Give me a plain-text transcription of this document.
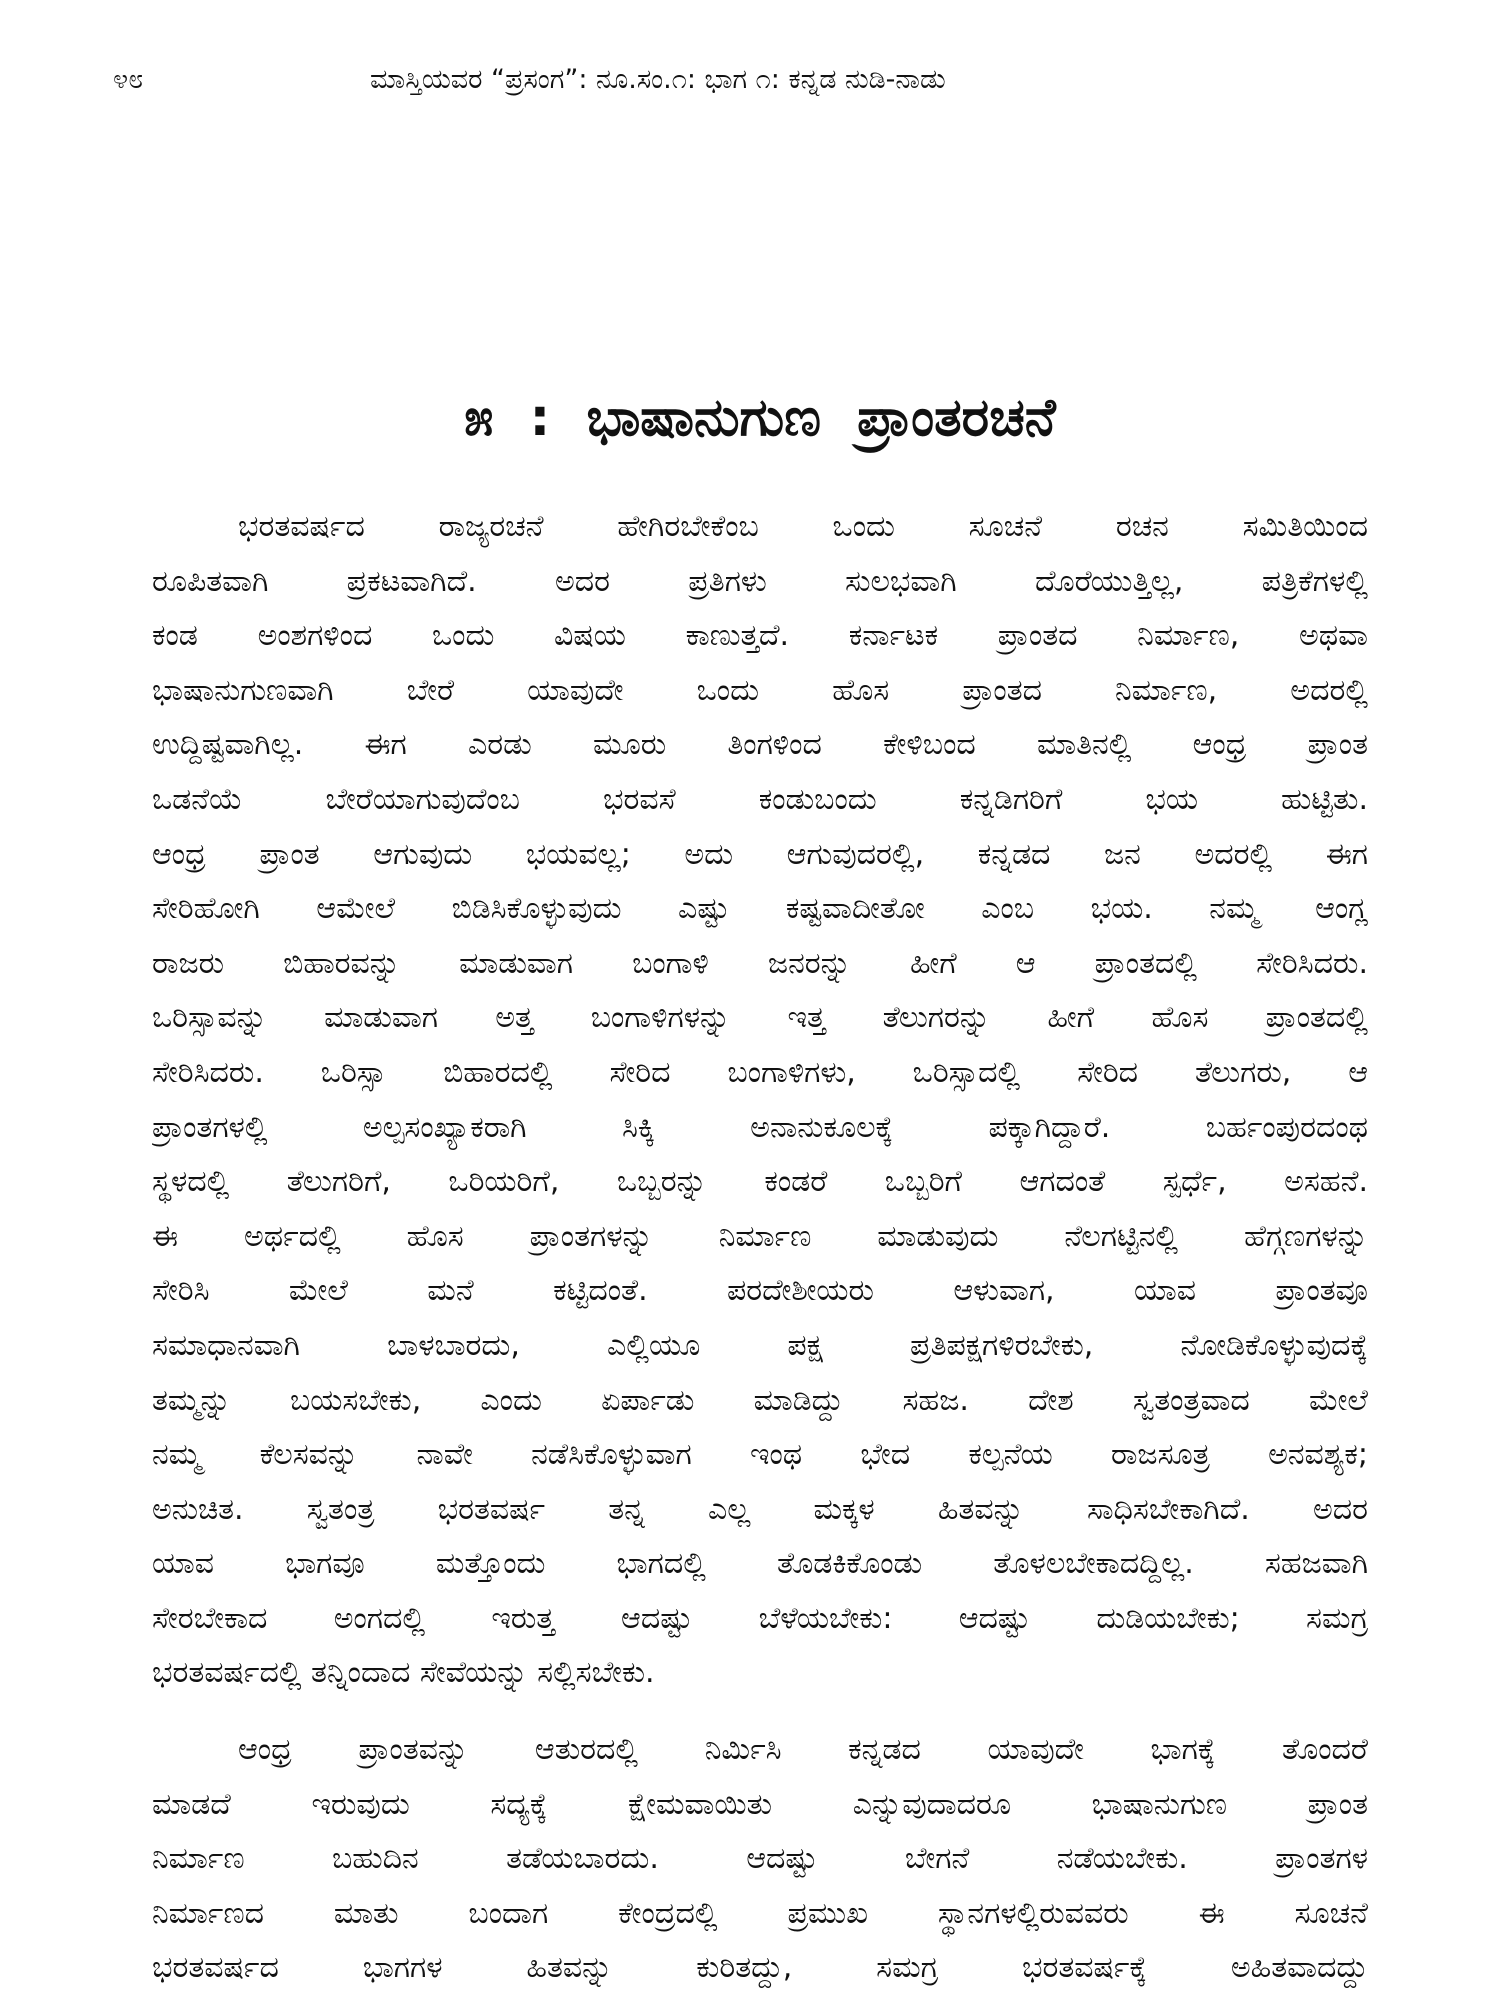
೪೮	ಮಾಸ್ತಿಯವರ “ಪ್ರಸಂಗ”: ನೂ.ಸಂ.೧: ಭಾಗ ೧: ಕನ್ನಡ ನುಡಿ-ನಾಡು
೫ : ಭಾಷಾನುಗುಣ ಪ್ರಾಂತರಚನೆ
ಭರತವರ್ಷದ ರಾಜ್ಯರಚನೆ ಹೇಗಿರಬೇಕೆಂಬ ಒಂದು ಸೂಚನೆ ರಚನ ಸಮಿತಿಯಿಂದ
ರೂಪಿತವಾಗಿ ಪ್ರಕಟವಾಗಿದೆ. ಅದರ ಪ್ರತಿಗಳು ಸುಲಭವಾಗಿ ದೊರೆಯುತ್ತಿಲ್ಲ, ಪತ್ರಿಕೆಗಳಲ್ಲಿ
ಕಂಡ ಅಂಶಗಳಿಂದ ಒಂದು ವಿಷಯ ಕಾಣುತ್ತದೆ. ಕರ್ನಾಟಕ ಪ್ರಾಂತದ ನಿರ್ಮಾಣ, ಅಥವಾ
ಭಾಷಾನುಗುಣವಾಗಿ ಬೇರೆ ಯಾವುದೇ ಒಂದು ಹೊಸ ಪ್ರಾಂತದ ನಿರ್ಮಾಣ, ಅದರಲ್ಲಿ
ಉದ್ದಿಷ್ಟವಾಗಿಲ್ಲ. ಈಗ ಎರಡು ಮೂರು ತಿಂಗಳಿಂದ ಕೇಳಿಬಂದ ಮಾತಿನಲ್ಲಿ ಆಂಧ್ರ ಪ್ರಾಂತ
ಒಡನೆಯೆ ಬೇರೆಯಾಗುವುದೆಂಬ ಭರವಸೆ ಕಂಡುಬಂದು ಕನ್ನಡಿಗರಿಗೆ ಭಯ ಹುಟ್ಟಿತು.
ಆಂಧ್ರ ಪ್ರಾಂತ ಆಗುವುದು ಭಯವಲ್ಲ; ಅದು ಆಗುವುದರಲ್ಲಿ, ಕನ್ನಡದ ಜನ ಅದರಲ್ಲಿ ಈಗ
ಸೇರಿಹೋಗಿ ಆಮೇಲೆ ಬಿಡಿಸಿಕೊಳ್ಳುವುದು ಎಷ್ಟು ಕಷ್ಟವಾದೀತೋ ಎಂಬ ಭಯ. ನಮ್ಮ ಆಂಗ್ಲ
ರಾಜರು ಬಿಹಾರವನ್ನು ಮಾಡುವಾಗ ಬಂಗಾಳಿ ಜನರನ್ನು ಹೀಗೆ ಆ ಪ್ರಾಂತದಲ್ಲಿ ಸೇರಿಸಿದರು.
ಒರಿಸ್ಸಾವನ್ನು ಮಾಡುವಾಗ ಅತ್ತ ಬಂಗಾಳಿಗಳನ್ನು ಇತ್ತ ತೆಲುಗರನ್ನು ಹೀಗೆ ಹೊಸ ಪ್ರಾಂತದಲ್ಲಿ
ಸೇರಿಸಿದರು. ಒರಿಸ್ಸಾ ಬಿಹಾರದಲ್ಲಿ ಸೇರಿದ ಬಂಗಾಳಿಗಳು, ಒರಿಸ್ಸಾದಲ್ಲಿ ಸೇರಿದ ತೆಲುಗರು, ಆ
ಪ್ರಾಂತಗಳಲ್ಲಿ ಅಲ್ಪಸಂಖ್ಯಾಕರಾಗಿ ಸಿಕ್ಕಿ ಅನಾನುಕೂಲಕ್ಕೆ ಪಕ್ಕಾಗಿದ್ದಾರೆ. ಬರ್ಹಂಪುರದಂಥ
ಸ್ಥಳದಲ್ಲಿ ತೆಲುಗರಿಗೆ, ಒರಿಯರಿಗೆ, ಒಬ್ಬರನ್ನು ಕಂಡರೆ ಒಬ್ಬರಿಗೆ ಆಗದಂತೆ ಸ್ಪರ್ಧೆ, ಅಸಹನೆ.
ಈ ಅರ್ಥದಲ್ಲಿ ಹೊಸ ಪ್ರಾಂತಗಳನ್ನು ನಿರ್ಮಾಣ ಮಾಡುವುದು ನೆಲಗಟ್ಟಿನಲ್ಲಿ ಹೆಗ್ಗಣಗಳನ್ನು
ಸೇರಿಸಿ ಮೇಲೆ ಮನೆ ಕಟ್ಟಿದಂತೆ. ಪರದೇಶೀಯರು ಆಳುವಾಗ, ಯಾವ ಪ್ರಾಂತವೂ
ಸಮಾಧಾನವಾಗಿ ಬಾಳಬಾರದು, ಎಲ್ಲಿಯೂ ಪಕ್ಷ ಪ್ರತಿಪಕ್ಷಗಳಿರಬೇಕು, ನೋಡಿಕೊಳ್ಳುವುದಕ್ಕೆ
ತಮ್ಮನ್ನು ಬಯಸಬೇಕು, ಎಂದು ಏರ್ಪಾಡು ಮಾಡಿದ್ದು ಸಹಜ. ದೇಶ ಸ್ವತಂತ್ರವಾದ ಮೇಲೆ
ನಮ್ಮ ಕೆಲಸವನ್ನು ನಾವೇ ನಡೆಸಿಕೊಳ್ಳುವಾಗ ಇಂಥ ಭೇದ ಕಲ್ಪನೆಯ ರಾಜಸೂತ್ರ ಅನವಶ್ಯಕ;
ಅನುಚಿತ. ಸ್ವತಂತ್ರ ಭರತವರ್ಷ ತನ್ನ ಎಲ್ಲ ಮಕ್ಕಳ ಹಿತವನ್ನು ಸಾಧಿಸಬೇಕಾಗಿದೆ. ಅದರ
ಯಾವ ಭಾಗವೂ ಮತ್ತೊಂದು ಭಾಗದಲ್ಲಿ ತೊಡಕಿಕೊಂಡು ತೊಳಲಬೇಕಾದದ್ದಿಲ್ಲ. ಸಹಜವಾಗಿ
ಸೇರಬೇಕಾದ ಅಂಗದಲ್ಲಿ ಇರುತ್ತ ಆದಷ್ಟು ಬೆಳೆಯಬೇಕು: ಆದಷ್ಟು ದುಡಿಯಬೇಕು; ಸಮಗ್ರ
ಭರತವರ್ಷದಲ್ಲಿ ತನ್ನಿಂದಾದ ಸೇವೆಯನ್ನು ಸಲ್ಲಿಸಬೇಕು.
ಆಂಧ್ರ ಪ್ರಾಂತವನ್ನು ಆತುರದಲ್ಲಿ ನಿರ್ಮಿಸಿ ಕನ್ನಡದ ಯಾವುದೇ ಭಾಗಕ್ಕೆ ತೊಂದರೆ
ಮಾಡದೆ ಇರುವುದು ಸದ್ಯಕ್ಕೆ ಕ್ಷೇಮವಾಯಿತು ಎನ್ನುವುದಾದರೂ ಭಾಷಾನುಗುಣ ಪ್ರಾಂತ
ನಿರ್ಮಾಣ ಬಹುದಿನ ತಡೆಯಬಾರದು. ಆದಷ್ಟು ಬೇಗನೆ ನಡೆಯಬೇಕು. ಪ್ರಾಂತಗಳ
ನಿರ್ಮಾಣದ ಮಾತು ಬಂದಾಗ ಕೇಂದ್ರದಲ್ಲಿ ಪ್ರಮುಖ ಸ್ಥಾನಗಳಲ್ಲಿರುವವರು ಈ ಸೂಚನೆ
ಭರತವರ್ಷದ ಭಾಗಗಳ ಹಿತವನ್ನು ಕುರಿತದ್ದು, ಸಮಗ್ರ ಭರತವರ್ಷಕ್ಕೆ ಅಹಿತವಾದದ್ದು
